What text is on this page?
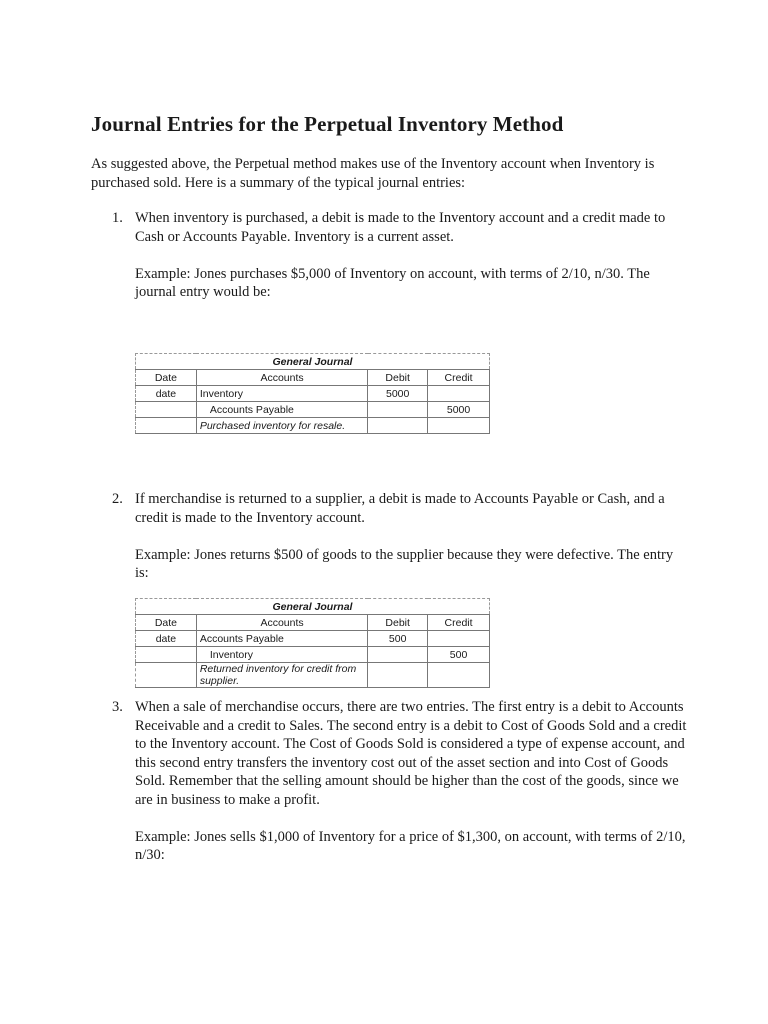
Journal Entries for the Perpetual Inventory Method

As suggested above, the Perpetual method makes use of the Inventory account when Inventory is purchased sold. Here is a summary of the typical journal entries:

1. When inventory is purchased, a debit is made to the Inventory account and a credit made to Cash or Accounts Payable. Inventory is a current asset.

Example: Jones purchases $5,000 of Inventory on account, with terms of 2/10, n/30. The journal entry would be:

General Journal			
Date	Accounts	Debit	Credit
date	Inventory	5000	
	Accounts Payable		5000
	Purchased inventory for resale.		
2. If merchandise is returned to a supplier, a debit is made to Accounts Payable or Cash, and a credit is made to the Inventory account.

Example: Jones returns $500 of goods to the supplier because they were defective. The entry is:

General Journal			
Date	Accounts	Debit	Credit
date	Accounts Payable	500	
	Inventory		500
	Returned inventory for credit from supplier.		
3. When a sale of merchandise occurs, there are two entries. The first entry is a debit to Accounts Receivable and a credit to Sales. The second entry is a debit to Cost of Goods Sold and a credit to the Inventory account. The Cost of Goods Sold is considered a type of expense account, and this second entry transfers the inventory cost out of the asset section and into Cost of Goods Sold. Remember that the selling amount should be higher than the cost of the goods, since we are in business to make a profit.

Example: Jones sells $1,000 of Inventory for a price of $1,300, on account, with terms of 2/10, n/30:
